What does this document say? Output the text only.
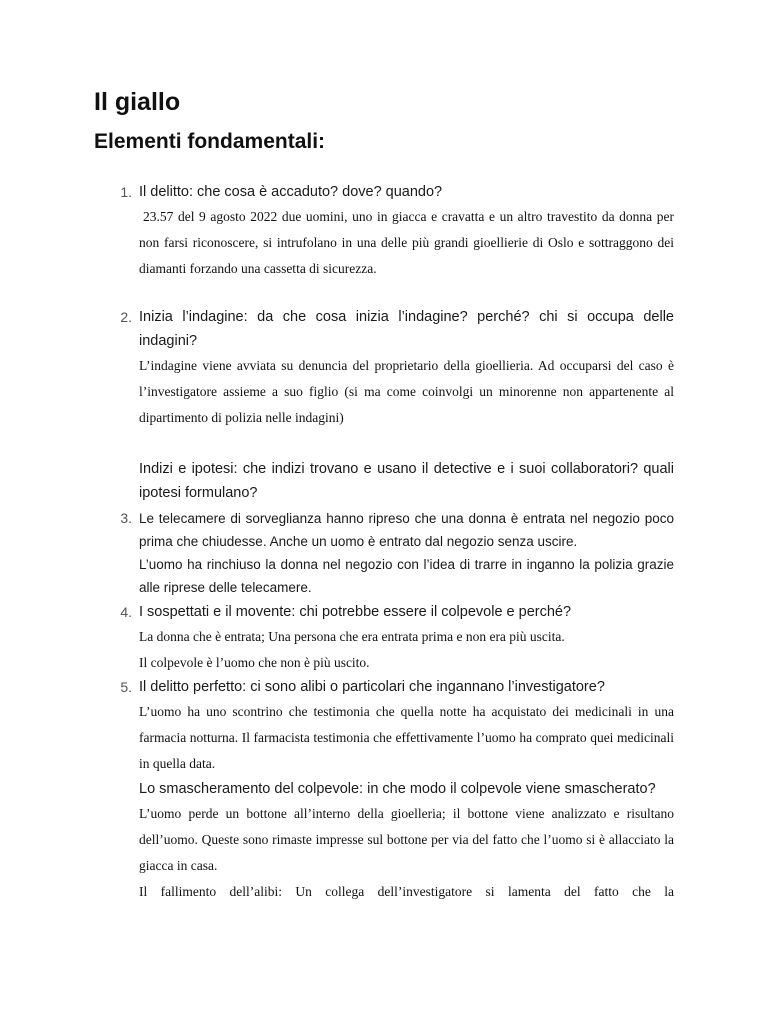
Il giallo
Elementi fondamentali:
1. Il delitto: che cosa è accaduto? dove? quando?

23.57 del 9 agosto 2022 due uomini, uno in giacca e cravatta e un altro travestito da donna per non farsi riconoscere, si intrufolano in una delle più grandi gioellierie di Oslo e sottraggono dei diamanti forzando una cassetta di sicurezza.

2. Inizia l’indagine: da che cosa inizia l’indagine? perché? chi si occupa delle indagini?

L’indagine viene avviata su denuncia del proprietario della gioellieria. Ad occuparsi del caso è l’investigatore assieme a suo figlio (si ma come coinvolgi un minorenne non appartenente al dipartimento di polizia nelle indagini)

Indizi e ipotesi: che indizi trovano e usano il detective e i suoi collaboratori? quali ipotesi formulano?

3. Le telecamere di sorveglianza hanno ripreso che una donna è entrata nel negozio poco prima che chiudesse. Anche un uomo è entrato dal negozio senza uscire.

L’uomo ha rinchiuso la donna nel negozio con l’idea di trarre in inganno la polizia grazie alle riprese delle telecamere.

4. I sospettati e il movente: chi potrebbe essere il colpevole e perché?

La donna che è entrata; Una persona che era entrata prima e non era più uscita.

Il colpevole è l’uomo che non è più uscito.

5. Il delitto perfetto: ci sono alibi o particolari che ingannano l’investigatore?

L’uomo ha uno scontrino che testimonia che quella notte ha acquistato dei medicinali in una farmacia notturna. Il farmacista testimonia che effettivamente l’uomo ha comprato quei medicinali in quella data.

Lo smascheramento del colpevole: in che modo il colpevole viene smascherato?

L’uomo perde un bottone all’interno della gioelleria; il bottone viene analizzato e risultano dell’uomo. Queste sono rimaste impresse sul bottone per via del fatto che l’uomo si è allacciato la giacca in casa.

Il fallimento dell’alibi: Un collega dell’investigatore si lamenta del fatto che la
